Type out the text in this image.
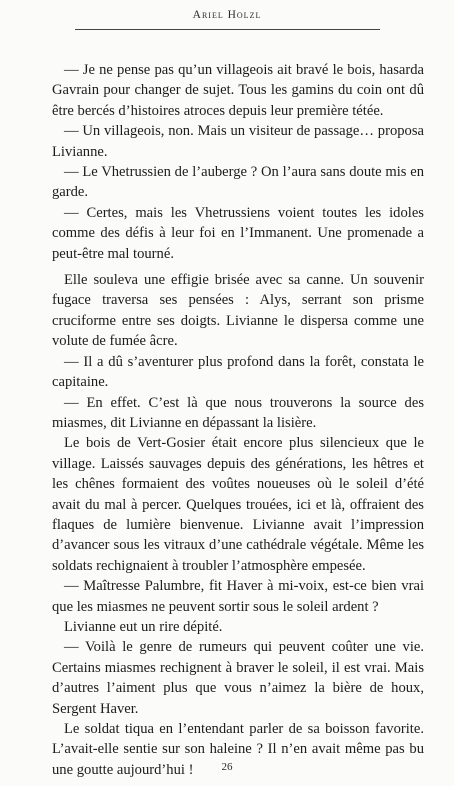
Ariel Holzl

— Je ne pense pas qu’un villageois ait bravé le bois, hasarda Gavrain pour changer de sujet. Tous les gamins du coin ont dû être bercés d’histoires atroces depuis leur première tétée.

— Un villageois, non. Mais un visiteur de passage… proposa Livianne.

— Le Vhetrussien de l’auberge ? On l’aura sans doute mis en garde.

— Certes, mais les Vhetrussiens voient toutes les idoles comme des défis à leur foi en l’Immanent. Une promenade a peut-être mal tourné.

Elle souleva une effigie brisée avec sa canne. Un souvenir fugace traversa ses pensées : Alys, serrant son prisme cruciforme entre ses doigts. Livianne le dispersa comme une volute de fumée âcre.

— Il a dû s’aventurer plus profond dans la forêt, constata le capitaine.

— En effet. C’est là que nous trouverons la source des miasmes, dit Livianne en dépassant la lisière.

Le bois de Vert-Gosier était encore plus silencieux que le village. Laissés sauvages depuis des générations, les hêtres et les chênes formaient des voûtes noueuses où le soleil d’été avait du mal à percer. Quelques trouées, ici et là, offraient des flaques de lumière bienvenue. Livianne avait l’impression d’avancer sous les vitraux d’une cathédrale végétale. Même les soldats rechignaient à troubler l’atmosphère empesée.

— Maîtresse Palumbre, fit Haver à mi-voix, est-ce bien vrai que les miasmes ne peuvent sortir sous le soleil ardent ?

Livianne eut un rire dépité.

— Voilà le genre de rumeurs qui peuvent coûter une vie. Certains miasmes rechignent à braver le soleil, il est vrai. Mais d’autres l’aiment plus que vous n’aimez la bière de houx, Sergent Haver.

Le soldat tiqua en l’entendant parler de sa boisson favorite. L’avait-elle sentie sur son haleine ? Il n’en avait même pas bu une goutte aujourd’hui !	26
